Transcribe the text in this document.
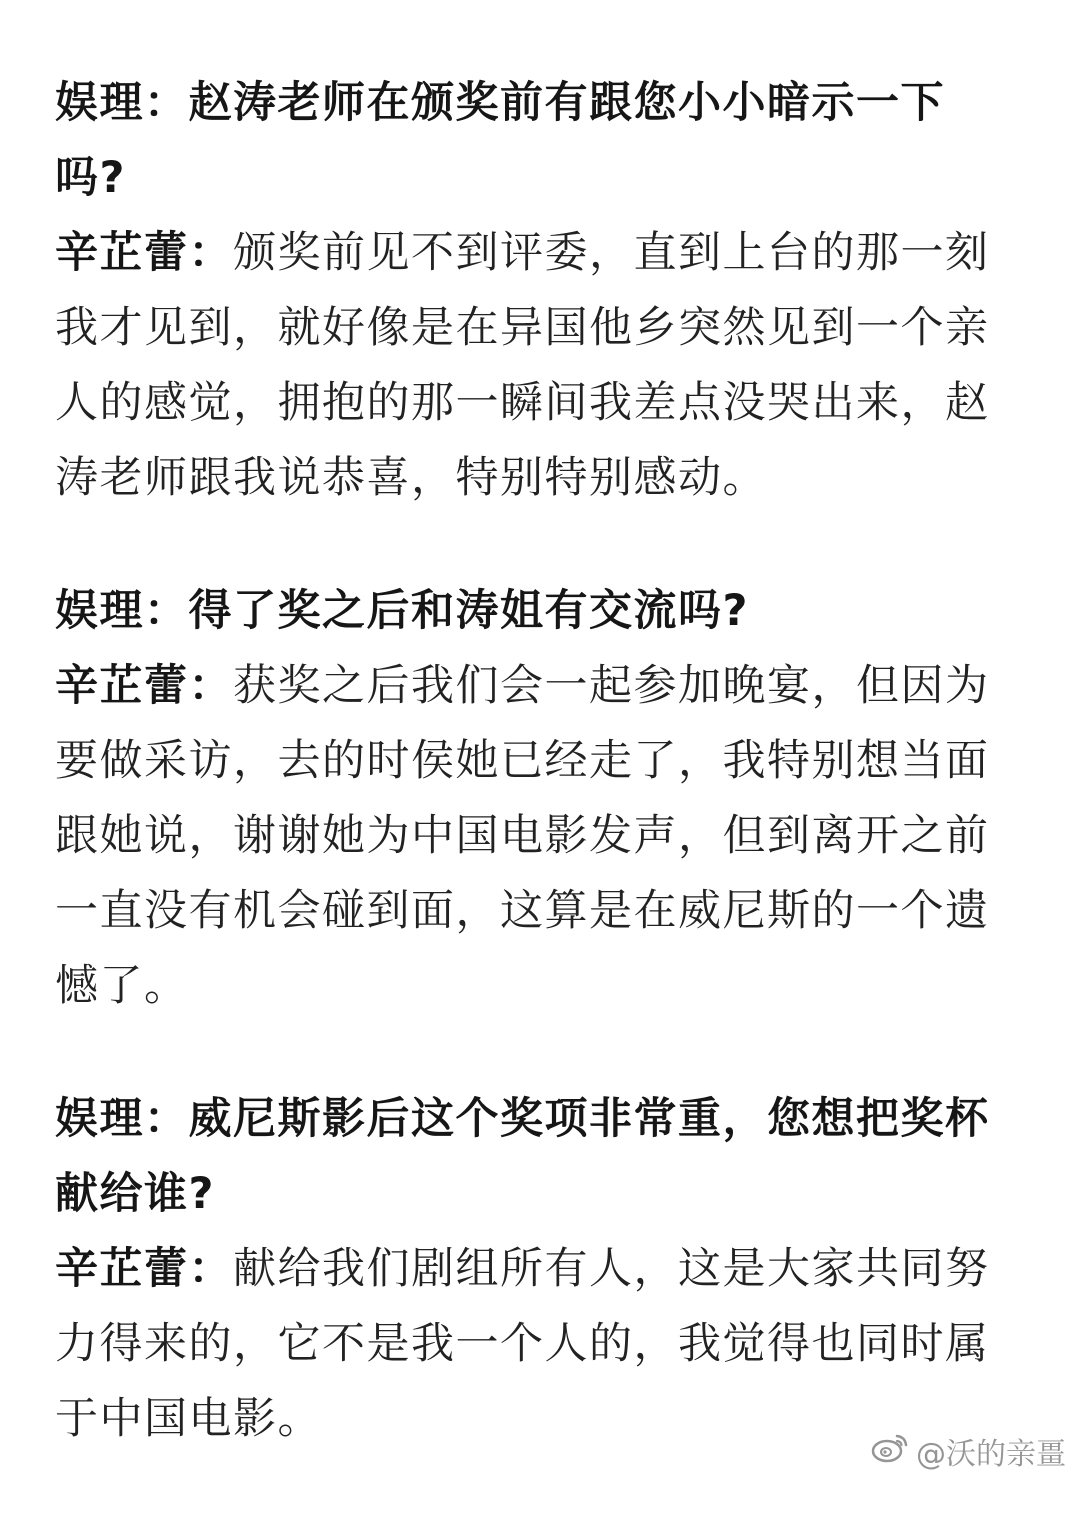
娱理：赵涛老师在颁奖前有跟您小小暗示一下吗?

辛芷蕾：颁奖前见不到评委，直到上台的那一刻我才见到，就好像是在异国他乡突然见到一个亲人的感觉，拥抱的那一瞬间我差点没哭出来，赵涛老师跟我说恭喜，特别特别感动。

娱理：得了奖之后和涛姐有交流吗?

辛芷蕾：获奖之后我们会一起参加晚宴，但因为要做采访，去的时侯她已经走了，我特别想当面跟她说，谢谢她为中国电影发声，但到离开之前一直没有机会碰到面，这算是在威尼斯的一个遗憾了。

娱理：威尼斯影后这个奖项非常重，您想把奖杯献给谁?

辛芷蕾：献给我们剧组所有人，这是大家共同努力得来的，它不是我一个人的，我觉得也同时属于中国电影。

@沃的亲畺
